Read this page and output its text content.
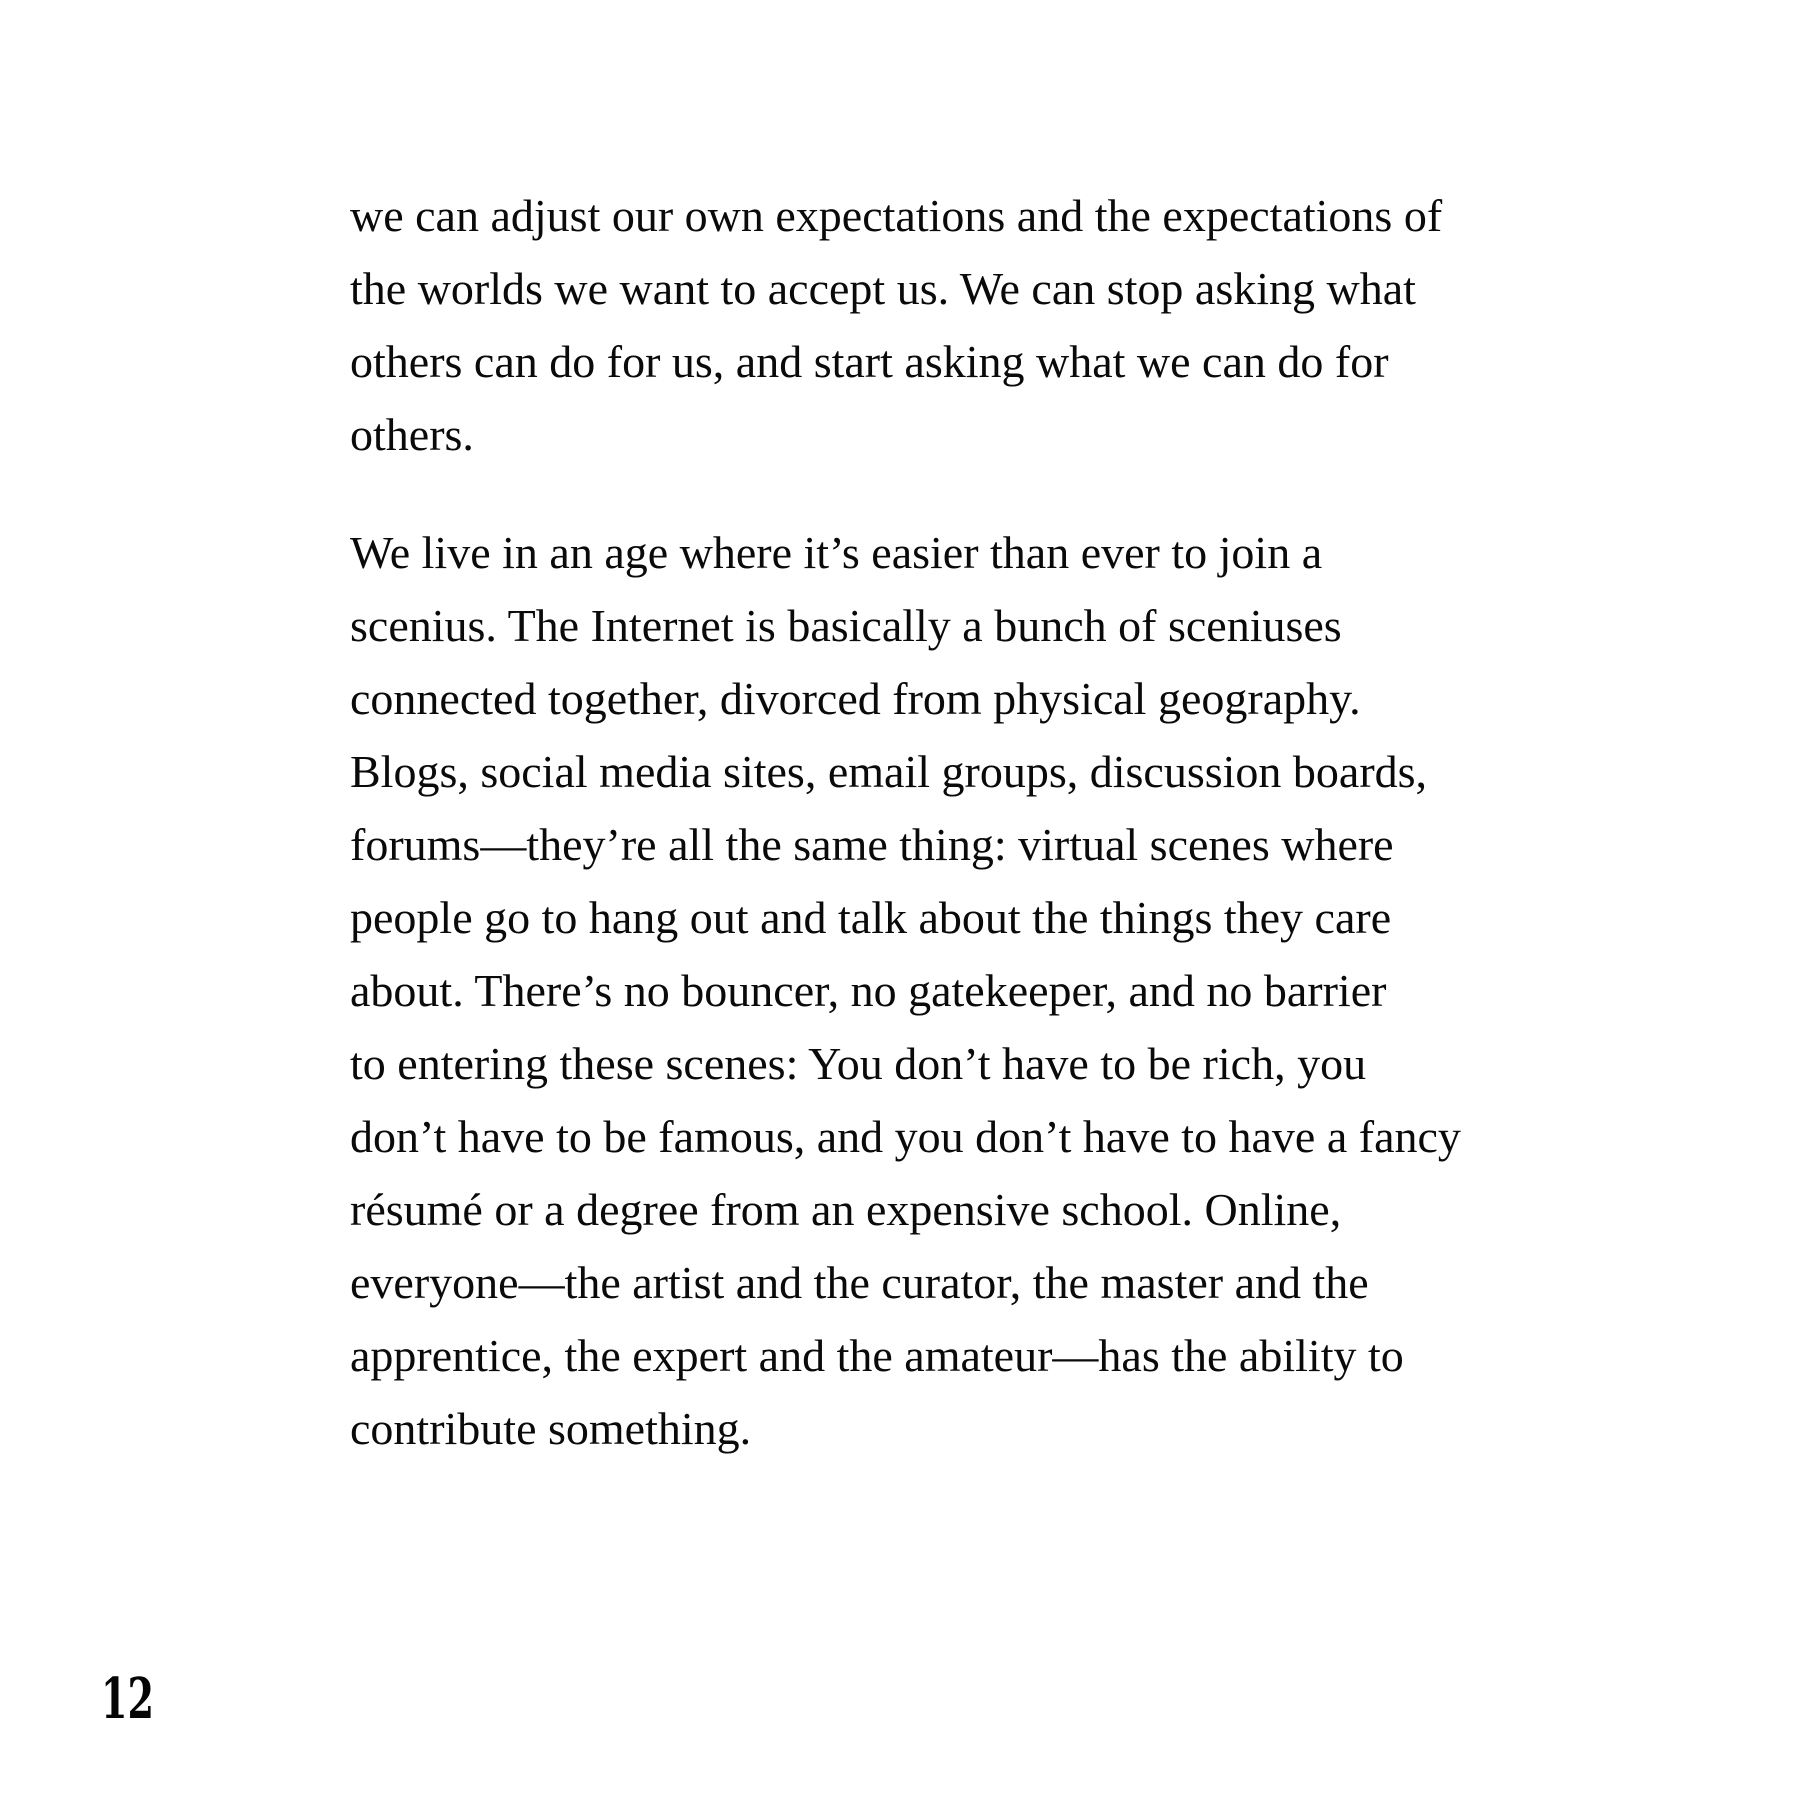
we can adjust our own expectations and the expectations of
the worlds we want to accept us. We can stop asking what
others can do for us, and start asking what we can do for
others.
We live in an age where it’s easier than ever to join a
scenius. The Internet is basically a bunch of sceniuses
connected together, divorced from physical geography.
Blogs, social media sites, email groups, discussion boards,
forums—they’re all the same thing: virtual scenes where
people go to hang out and talk about the things they care
about. There’s no bouncer, no gatekeeper, and no barrier
to entering these scenes: You don’t have to be rich, you
don’t have to be famous, and you don’t have to have a fancy
résumé or a degree from an expensive school. Online,
everyone—the artist and the curator, the master and the
apprentice, the expert and the amateur—has the ability to
contribute something.
12
